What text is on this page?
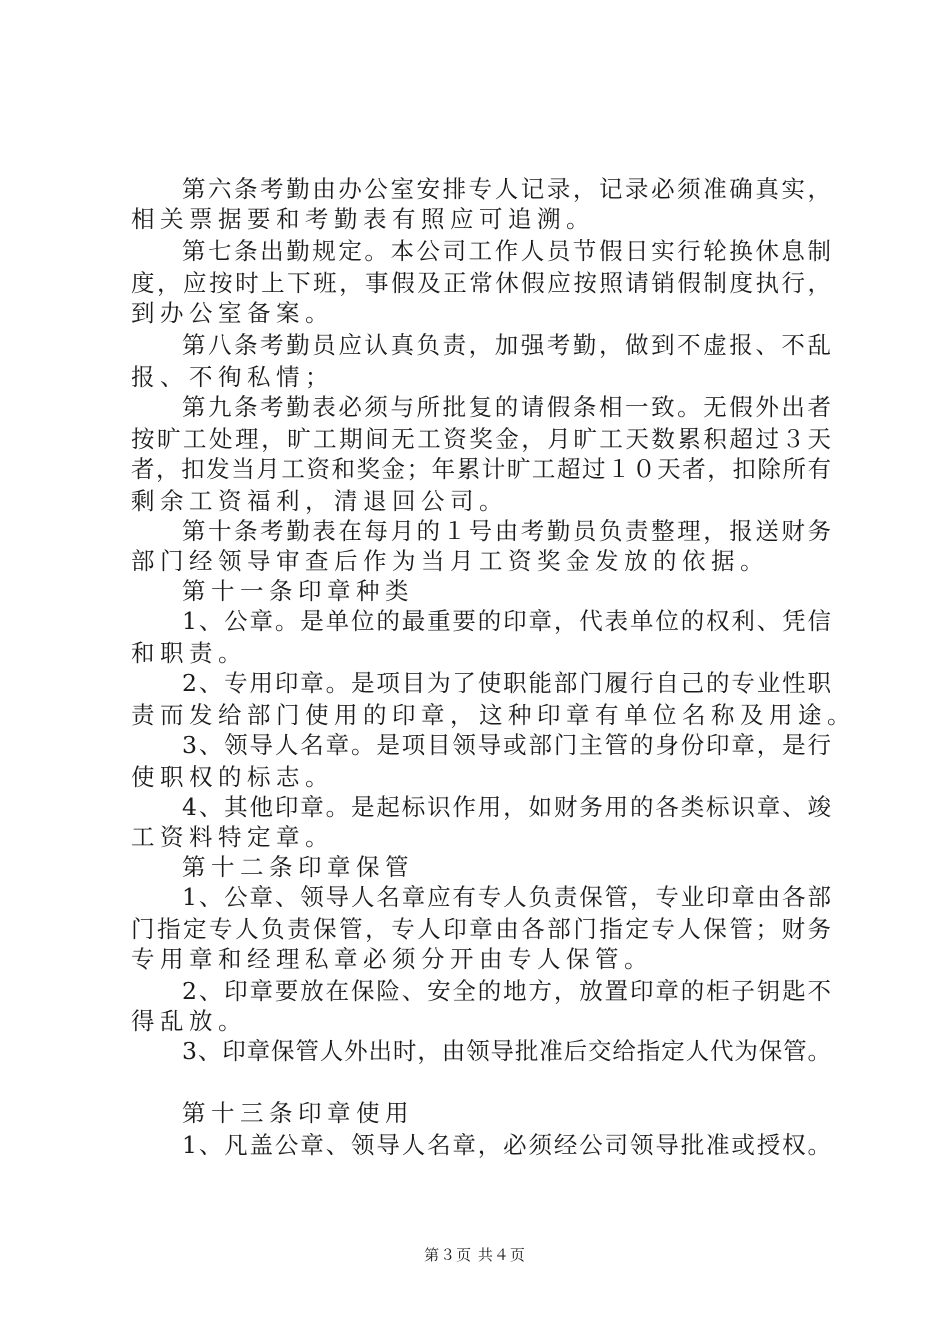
第六条考勤由办公室安排专人记录，记录必须准确真实，
相关票据要和考勤表有照应可追溯。
第七条出勤规定。本公司工作人员节假日实行轮换休息制
度，应按时上下班，事假及正常休假应按照请销假制度执行，
到办公室备案。
第八条考勤员应认真负责，加强考勤，做到不虚报、不乱
报、不徇私情；
第九条考勤表必须与所批复的请假条相一致。无假外出者
按旷工处理，旷工期间无工资奖金，月旷工天数累积超过３天
者，扣发当月工资和奖金；年累计旷工超过１０天者，扣除所有
剩余工资福利，清退回公司。
第十条考勤表在每月的１号由考勤员负责整理，报送财务
部门经领导审查后作为当月工资奖金发放的依据。
第十一条印章种类
1、公章。是单位的最重要的印章，代表单位的权利、凭信
和职责。
2、专用印章。是项目为了使职能部门履行自己的专业性职
责而发给部门使用的印章，这种印章有单位名称及用途。
3、领导人名章。是项目领导或部门主管的身份印章，是行
使职权的标志。
4、其他印章。是起标识作用，如财务用的各类标识章、竣
工资料特定章。
第十二条印章保管
1、公章、领导人名章应有专人负责保管，专业印章由各部
门指定专人负责保管，专人印章由各部门指定专人保管；财务
专用章和经理私章必须分开由专人保管。
2、印章要放在保险、安全的地方，放置印章的柜子钥匙不
得乱放。
3、印章保管人外出时，由领导批准后交给指定人代为保管。
第十三条印章使用
1、凡盖公章、领导人名章，必须经公司领导批准或授权。
第３页 共４页
